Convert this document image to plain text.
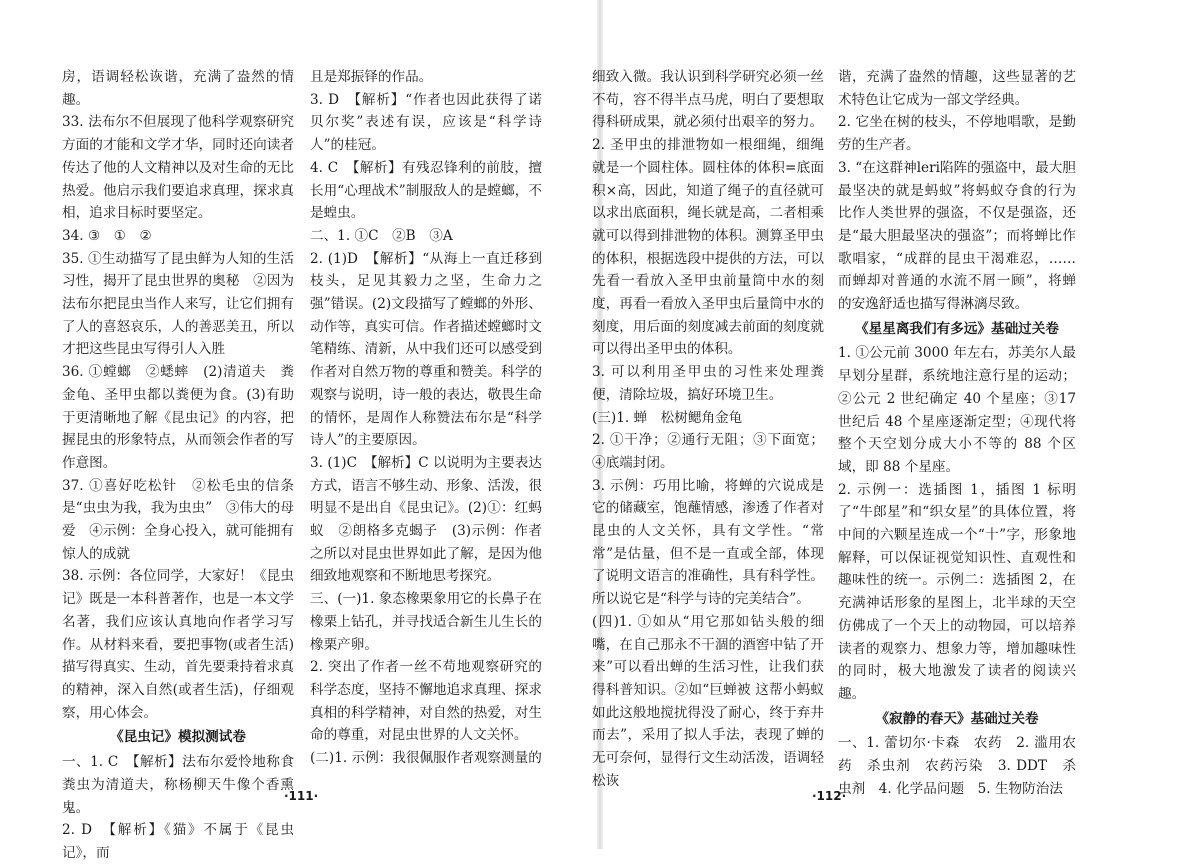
房，语调轻松诙谐，充满了盎然的情趣。

33. 法布尔不但展现了他科学观察研究方面的才能和文学才华，同时还向读者传达了他的人文精神以及对生命的无比热爱。他启示我们要追求真理，探求真相，追求目标时要坚定。

34. ③　①　②

35. ①生动描写了昆虫鲜为人知的生活习性，揭开了昆虫世界的奥秘　②因为法布尔把昆虫当作人来写，让它们拥有了人的喜怒哀乐，人的善恶美丑，所以才把这些昆虫写得引人入胜

36. ①螳螂　②蟋蟀　(2)清道夫　粪金龟、圣甲虫都以粪便为食。(3)有助于更清晰地了解《昆虫记》的内容，把握昆虫的形象特点，从而领会作者的写作意图。

37. ①喜好吃松针　②松毛虫的信条是“虫虫为我，我为虫虫”　③伟大的母爱　④示例：全身心投入，就可能拥有惊人的成就

38. 示例：各位同学，大家好！《昆虫记》既是一本科普著作，也是一本文学名著，我们应该认真地向作者学习写作。从材料来看，要把事物(或者生活)描写得真实、生动，首先要秉持着求真的精神，深入自然(或者生活)，仔细观察，用心体会。

《昆虫记》模拟测试卷

一、1. C　【解析】法布尔爱怜地称食粪虫为清道夫，称杨柳天牛像个香熏鬼。

2. D　【解析】《猫》不属于《昆虫记》，而

且是郑振铎的作品。

3. D　【解析】“作者也因此获得了诺贝尔奖”表述有误，应该是“科学诗人”的桂冠。

4. C　【解析】有残忍锋利的前肢，擅长用“心理战术”制服敌人的是螳螂，不是蝗虫。

二、1. ①C　②B　③A

2. (1)D　【解析】“从海上一直迁移到枝头，足见其毅力之坚，生命力之强”错误。(2)文段描写了螳螂的外形、动作等，真实可信。作者描述螳螂时文笔精练、清新，从中我们还可以感受到作者对自然万物的尊重和赞美。科学的观察与说明，诗一般的表达，敬畏生命的情怀，是周作人称赞法布尔是“科学诗人”的主要原因。

3. (1)C　【解析】C 以说明为主要表达方式，语言不够生动、形象、活泼，很明显不是出自《昆虫记》。(2)①：红蚂蚁　②朗格多克蝎子　(3)示例：作者之所以对昆虫世界如此了解，是因为他细致地观察和不断地思考探究。

三、(一)1. 象态橡栗象用它的长鼻子在橡栗上钻孔，并寻找适合新生儿生长的橡栗产卵。

2. 突出了作者一丝不苟地观察研究的科学态度，坚持不懈地追求真理、探求真相的科学精神，对自然的热爱，对生命的尊重，对昆虫世界的人文关怀。

(二)1. 示例：我很佩服作者观察测量的

细致入微。我认识到科学研究必须一丝不苟，容不得半点马虎，明白了要想取得科研成果，就必须付出艰辛的努力。

2. 圣甲虫的排泄物如一根细绳，细绳就是一个圆柱体。圆柱体的体积=底面积×高，因此，知道了绳子的直径就可以求出底面积，绳长就是高，二者相乘就可以得到排泄物的体积。测算圣甲虫的体积，根据选段中提供的方法，可以先看一看放入圣甲虫前量筒中水的刻度，再看一看放入圣甲虫后量筒中水的刻度，用后面的刻度减去前面的刻度就可以得出圣甲虫的体积。

3. 可以利用圣甲虫的习性来处理粪便，清除垃圾，搞好环境卫生。

(三)1. 蝉　松树鳃角金龟

2. ①干净；②通行无阻；③下面宽；④底端封闭。

3. 示例：巧用比喻，将蝉的穴说成是它的储藏室，饱蘸情感，渗透了作者对昆虫的人文关怀，具有文学性。“常常”是估量，但不是一直或全部，体现了说明文语言的准确性，具有科学性。所以说它是“科学与诗的完美结合”。

(四)1. ①如从“用它那如钻头般的细嘴，在自己那永不干涸的酒窖中钻了开来”可以看出蝉的生活习性，让我们获得科普知识。②如“巨蝉被 这帮小蚂蚁如此这般地搅扰得没了耐心，终于弃井而去”，采用了拟人手法，表现了蝉的无可奈何，显得行文生动活泼，语调轻松诙

谐，充满了盎然的情趣，这些显著的艺术特色让它成为一部文学经典。

2. 它坐在树的枝头，不停地唱歌，是勤劳的生产者。

3. “在这群神leri陷阵的强盗中，最大胆最坚决的就是蚂蚁”将蚂蚁夺食的行为比作人类世界的强盗，不仅是强盗，还是“最大胆最坚决的强盗”；而将蝉比作歌唱家，“成群的昆虫干渴难忍，……而蝉却对普通的水流不屑一顾”，将蝉的安逸舒适也描写得淋漓尽致。

《星星离我们有多远》基础过关卷

1. ①公元前 3000 年左右，苏美尔人最早划分星群，系统地注意行星的运动；②公元 2 世纪确定 40 个星座；③17 世纪后 48 个星座逐渐定型；④现代将整个天空划分成大小不等的 88 个区域，即 88 个星座。

2. 示例一：选插图 1，插图 1 标明了“牛郎星”和“织女星”的具体位置，将中间的六颗星连成一个“十”字，形象地解释，可以保证视觉知识性、直观性和趣味性的统一。示例二：选插图 2，在充满神话形象的星图上，北半球的天空仿佛成了一个天上的动物园，可以培养读者的观察力、想象力等，增加趣味性的同时，极大地激发了读者的阅读兴趣。

《寂静的春天》基础过关卷

一、1. 蕾切尔·卡森　农药　2. 滥用农药　杀虫剂　农药污染　3. DDT　杀虫剂　4. 化学品问题　5. 生物防治法

·111·	·112·
